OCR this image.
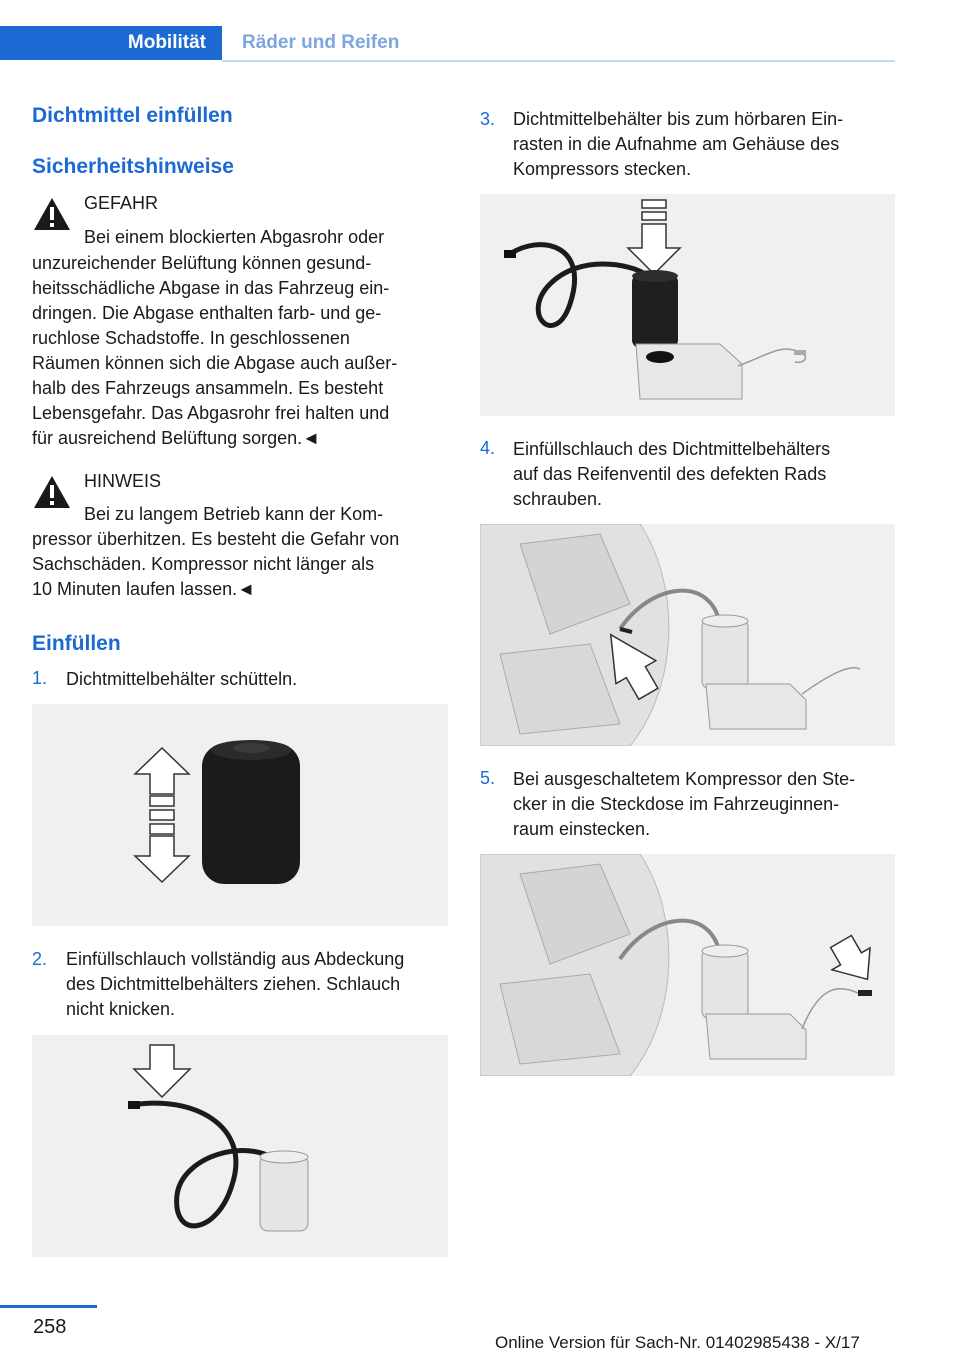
Mobilität	Räder und Reifen
Dichtmittel einfüllen
Sicherheitshinweise
GEFAHR
Bei einem blockierten Abgasrohr oder
unzureichender Belüftung können gesund-
heitsschädliche Abgase in das Fahrzeug ein-
dringen. Die Abgase enthalten farb- und ge-
ruchlose Schadstoffe. In geschlossenen
Räumen können sich die Abgase auch außer-
halb des Fahrzeugs ansammeln. Es besteht
Lebensgefahr. Das Abgasrohr frei halten und
für ausreichend Belüftung sorgen.◄
HINWEIS
Bei zu langem Betrieb kann der Kom-
pressor überhitzen. Es besteht die Gefahr von
Sachschäden. Kompressor nicht länger als
10 Minuten laufen lassen.◄
Einfüllen
1. Dichtmittelbehälter schütteln.
2. Einfüllschlauch vollständig aus Abdeckung
des Dichtmittelbehälters ziehen. Schlauch
nicht knicken.
3. Dichtmittelbehälter bis zum hörbaren Ein-
rasten in die Aufnahme am Gehäuse des
Kompressors stecken.
4. Einfüllschlauch des Dichtmittelbehälters
auf das Reifenventil des defekten Rads
schrauben.
5. Bei ausgeschaltetem Kompressor den Ste-
cker in die Steckdose im Fahrzeuginnen-
raum einstecken.
258
Online Version für Sach-Nr. 01402985438 - X/17
